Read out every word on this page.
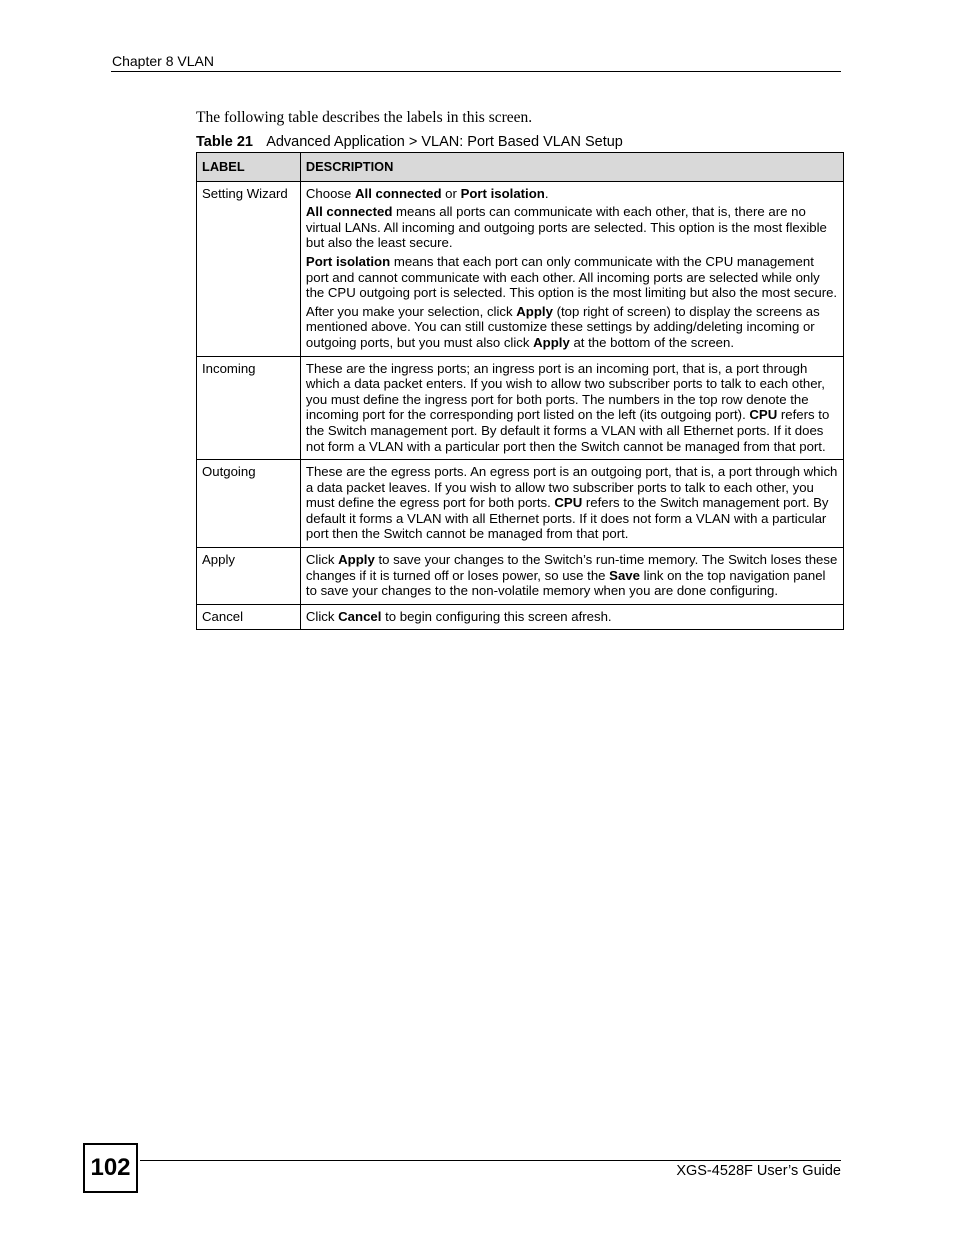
Chapter 8 VLAN
The following table describes the labels in this screen.
Table 21 Advanced Application > VLAN: Port Based VLAN Setup
LABEL	DESCRIPTION
Setting Wizard	Choose All connected or Port isolation.

All connected means all ports can communicate with each other, that is, there are no virtual LANs. All incoming and outgoing ports are selected. This option is the most flexible but also the least secure.

Port isolation means that each port can only communicate with the CPU management port and cannot communicate with each other. All incoming ports are selected while only the CPU outgoing port is selected. This option is the most limiting but also the most secure.

After you make your selection, click Apply (top right of screen) to display the screens as mentioned above. You can still customize these settings by adding/deleting incoming or outgoing ports, but you must also click Apply at the bottom of the screen.

Incoming	These are the ingress ports; an ingress port is an incoming port, that is, a port through which a data packet enters. If you wish to allow two subscriber ports to talk to each other, you must define the ingress port for both ports. The numbers in the top row denote the incoming port for the corresponding port listed on the left (its outgoing port). CPU refers to the Switch management port. By default it forms a VLAN with all Ethernet ports. If it does not form a VLAN with a particular port then the Switch cannot be managed from that port.

Outgoing	These are the egress ports. An egress port is an outgoing port, that is, a port through which a data packet leaves. If you wish to allow two subscriber ports to talk to each other, you must define the egress port for both ports. CPU refers to the Switch management port. By default it forms a VLAN with all Ethernet ports. If it does not form a VLAN with a particular port then the Switch cannot be managed from that port.

Apply	Click Apply to save your changes to the Switch’s run-time memory. The Switch loses these changes if it is turned off or loses power, so use the Save link on the top navigation panel to save your changes to the non-volatile memory when you are done configuring.

Cancel	Click Cancel to begin configuring this screen afresh.

102	XGS-4528F User’s Guide
